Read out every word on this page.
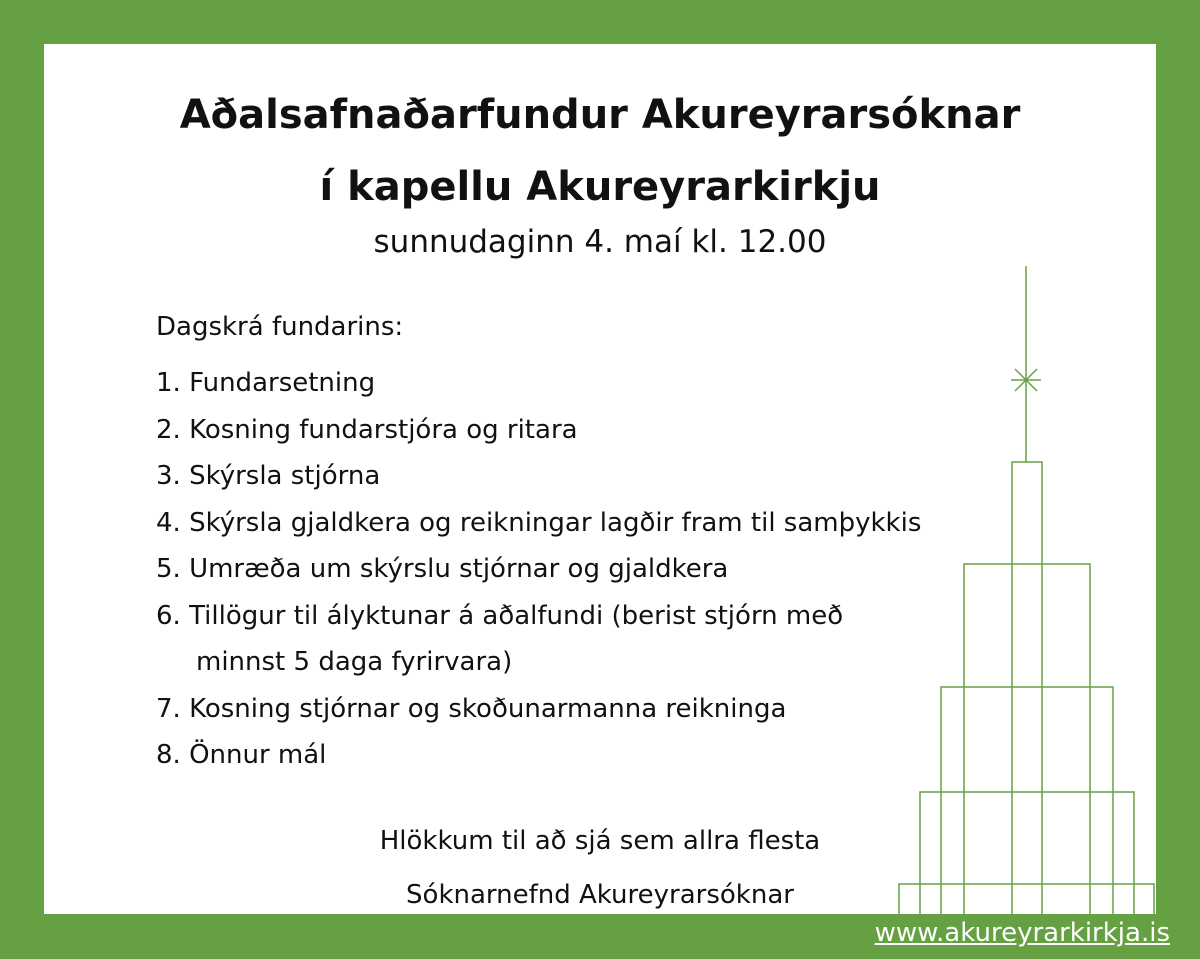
Aðalsafnaðarfundur Akureyrarsóknar
í kapellu Akureyrarkirkju
sunnudaginn 4. maí kl. 12.00
Dagskrá fundarins:
1. Fundarsetning
2. Kosning fundarstjóra og ritara
3. Skýrsla stjórna
4. Skýrsla gjaldkera og reikningar lagðir fram til samþykkis
5. Umræða um skýrslu stjórnar og gjaldkera
6. Tillögur til ályktunar á aðalfundi (berist stjórn með
minnst 5 daga fyrirvara)
7. Kosning stjórnar og skoðunarmanna reikninga
8. Önnur mál
Hlökkum til að sjá sem allra flesta
Sóknarnefnd Akureyrarsóknar
www.akureyrarkirkja.is
